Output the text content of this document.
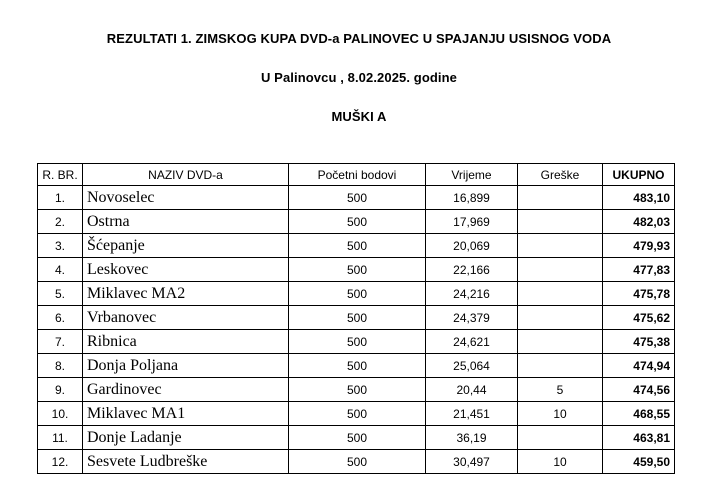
REZULTATI 1. ZIMSKOG KUPA DVD-a PALINOVEC U SPAJANJU USISNOG VODA
U Palinovcu , 8.02.2025. godine
MUŠKI A
R. BR.	NAZIV DVD-a	Početni bodovi	Vrijeme	Greške	UKUPNO
1.	Novoselec	500	16,899		483,10
2.	Ostrna	500	17,969		482,03
3.	Šćepanje	500	20,069		479,93
4.	Leskovec	500	22,166		477,83
5.	Miklavec MA2	500	24,216		475,78
6.	Vrbanovec	500	24,379		475,62
7.	Ribnica	500	24,621		475,38
8.	Donja Poljana	500	25,064		474,94
9.	Gardinovec	500	20,44	5	474,56
10.	Miklavec MA1	500	21,451	10	468,55
11.	Donje Ladanje	500	36,19		463,81
12.	Sesvete Ludbreške	500	30,497	10	459,50
